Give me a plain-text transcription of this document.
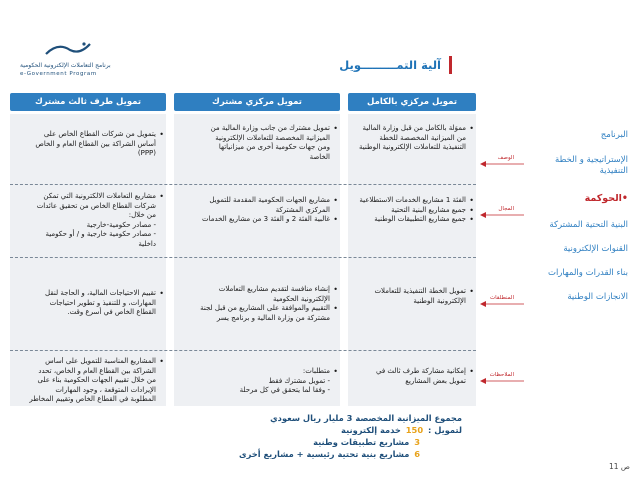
برنامج التعاملات الإلكترونية الحكومية
e-Government Program
آلية التمـــــــــويل
تمويل مركزي بالكامل
تمويل مركزي مشترك
تمويل طرف ثالث مشترك
• مموَلة بالكامل من قبل وزارة المالية
من الميزانية المخصصة للخطة
التنفيذية للتعاملات الإلكترونية الوطنية
• تمويل مشترك من جانب وزارة المالية من
الميزانية المخصصة للتعاملات الإلكترونية
ومن جهات حكومية أخرى من ميزانياتها
الخاصة
• يتمويل من شركات القطاع الخاص على
أساس الشراكة بين القطاع العام و الخاص
(PPP)
• الفئة 1 مشاريع الخدمات الاستطلاعية
• جميع مشاريع البنية التحتية
• جميع مشاريع التطبيقات الوطنية
• مشاريع الجهات الحكومية المقدمة للتمويل
المركزي المشتركة
• غالبية الفئة 2 و الفئة 3 من مشاريع الخدمات
• مشاريع التعاملات الالكترونية التي تمكن
شركات القطاع الخاص من تحقيق عائدات
من خلال:
- مصادر حكومية-خارجية
- مصادر حكومية خارجية و / أو حكومية
داخلية
• تمويل الخطة التنفيذية للتعاملات
الإلكترونية الوطنية
• إنشاء منافسة لتقديم مشاريع التعاملات
الإلكترونية الحكومية
• التقييم والموافقة على المشاريع من قبل لجنة
مشتركة من وزارة المالية و برنامج يسر
• تقييم الاحتياجات المالية، و الحاجة لنقل
المهارات، و للتنفيذ و تطوير احتياجات
القطاع الخاص في أسرع وقت.
• إمكانية مشاركة طرف ثالث في
تمويل بعض المشاريع
• متطلبات:
- تمويل مشترك فقط
- وفقا لما يتحقق في كل مرحلة
• المشاريع المناسبة للتمويل على أساس
الشراكة بين القطاع العام و الخاص، تحدد
من خلال تقييم الجهات الحكومية بناء على
الإيرادات المتوقعة ، وجود المهارات
المطلوبة في القطاع الخاص وتقييم المخاطر
الوصف
المجال
المنطلقات
الملاحظات
البرنامج
الإستراتيجية و الخطة
التنفيذية
•الحوكمة
البنية التحتية المشتركة
القنوات الإلكترونية
بناء القدرات والمهارات
الانجازات الوطنية
مجموع الميزانية المخصصة 3 مليار ريال سعودي
لتمويل : 150 خدمة إلكترونية
3 مشاريع تطبيقات وطنية
6 مشاريع بنية تحتية رئيسية + مشاريع أخرى
ص 11
